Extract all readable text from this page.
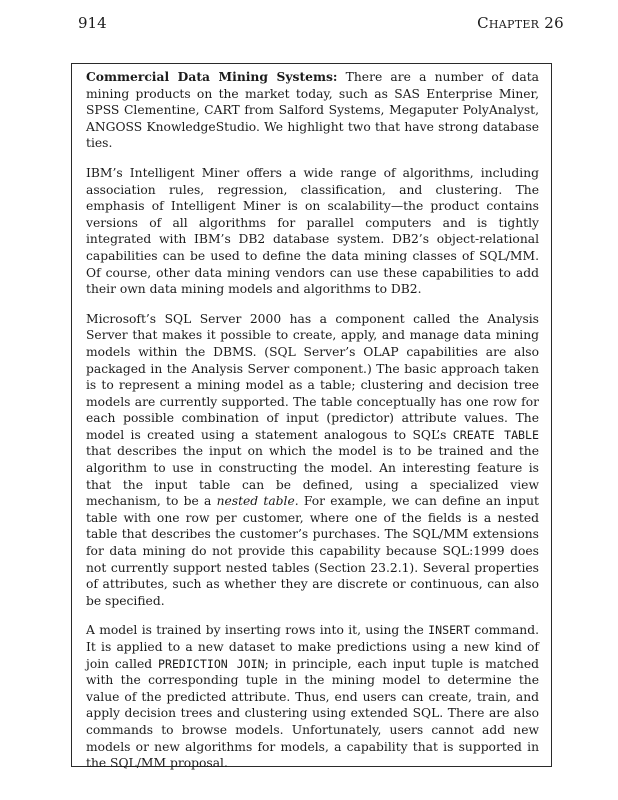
914	Chapter 26

Commercial Data Mining Systems: There are a number of data mining products on the market today, such as SAS Enterprise Miner, SPSS Clementine, CART from Salford Systems, Megaputer PolyAnalyst, ANGOSS KnowledgeStudio. We highlight two that have strong database ties.

IBM’s Intelligent Miner offers a wide range of algorithms, including association rules, regression, classification, and clustering. The emphasis of Intelligent Miner is on scalability—the product contains versions of all algorithms for parallel computers and is tightly integrated with IBM’s DB2 database system. DB2’s object-relational capabilities can be used to define the data mining classes of SQL/MM. Of course, other data mining vendors can use these capabilities to add their own data mining models and algorithms to DB2.

Microsoft’s SQL Server 2000 has a component called the Analysis Server that makes it possible to create, apply, and manage data mining models within the DBMS. (SQL Server’s OLAP capabilities are also packaged in the Analysis Server component.) The basic approach taken is to represent a mining model as a table; clustering and decision tree models are currently supported. The table conceptually has one row for each possible combination of input (predictor) attribute values. The model is created using a statement analogous to SQL’s CREATE TABLE that describes the input on which the model is to be trained and the algorithm to use in constructing the model. An interesting feature is that the input table can be defined, using a specialized view mechanism, to be a nested table. For example, we can define an input table with one row per customer, where one of the fields is a nested table that describes the customer’s purchases. The SQL/MM extensions for data mining do not provide this capability because SQL:1999 does not currently support nested tables (Section 23.2.1). Several properties of attributes, such as whether they are discrete or continuous, can also be specified.

A model is trained by inserting rows into it, using the INSERT command. It is applied to a new dataset to make predictions using a new kind of join called PREDICTION JOIN; in principle, each input tuple is matched with the corresponding tuple in the mining model to determine the value of the predicted attribute. Thus, end users can create, train, and apply decision trees and clustering using extended SQL. There are also commands to browse models. Unfortunately, users cannot add new models or new algorithms for models, a capability that is supported in the SQL/MM proposal.
